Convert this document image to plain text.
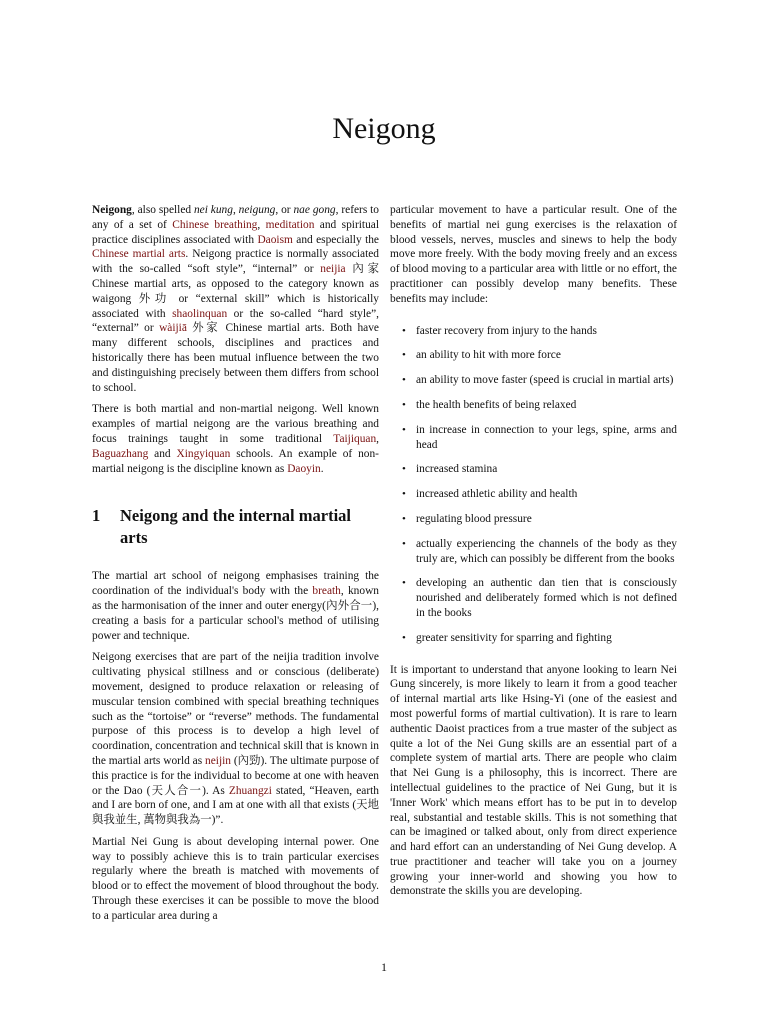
Neigong

Neigong, also spelled nei kung, neigung, or nae gong, refers to any of a set of Chinese breathing, meditation and spiritual practice disciplines associated with Daoism and especially the Chinese martial arts. Neigong practice is normally associated with the so-called “soft style”, “internal” or neijia 內家 Chinese martial arts, as opposed to the category known as waigong 外功 or “external skill” which is historically associated with shaolinquan or the so-called “hard style”, “external” or wàijiā 外家 Chinese martial arts. Both have many different schools, disciplines and practices and historically there has been mutual influence between the two and distinguishing precisely between them differs from school to school.

There is both martial and non-martial neigong. Well known examples of martial neigong are the various breathing and focus trainings taught in some traditional Taijiquan, Baguazhang and Xingyiquan schools. An example of non-martial neigong is the discipline known as Daoyin.

1	Neigong and the internal martial arts

The martial art school of neigong emphasises training the coordination of the individual's body with the breath, known as the harmonisation of the inner and outer energy(內外合一), creating a basis for a particular school's method of utilising power and technique.

Neigong exercises that are part of the neijia tradition involve cultivating physical stillness and or conscious (deliberate) movement, designed to produce relaxation or releasing of muscular tension combined with special breathing techniques such as the “tortoise” or “reverse” methods. The fundamental purpose of this process is to develop a high level of coordination, concentration and technical skill that is known in the martial arts world as neijin (內勁). The ultimate purpose of this practice is for the individual to become at one with heaven or the Dao (天人合一). As Zhuangzi stated, “Heaven, earth and I are born of one, and I am at one with all that exists (天地與我並生, 萬物與我為一)”.

Martial Nei Gung is about developing internal power. One way to possibly achieve this is to train particular exercises regularly where the breath is matched with movements of blood or to effect the movement of blood throughout the body. Through these exercises it can be possible to move the blood to a particular area during a

particular movement to have a particular result. One of the benefits of martial nei gung exercises is the relaxation of blood vessels, nerves, muscles and sinews to help the body move more freely. With the body moving freely and an excess of blood moving to a particular area with little or no effort, the practitioner can possibly develop many benefits. These benefits may include:

• faster recovery from injury to the hands
• an ability to hit with more force
• an ability to move faster (speed is crucial in martial arts)
• the health benefits of being relaxed
• in increase in connection to your legs, spine, arms and head
• increased stamina
• increased athletic ability and health
• regulating blood pressure
• actually experiencing the channels of the body as they truly are, which can possibly be different from the books
• developing an authentic dan tien that is consciously nourished and deliberately formed which is not defined in the books
• greater sensitivity for sparring and fighting

It is important to understand that anyone looking to learn Nei Gung sincerely, is more likely to learn it from a good teacher of internal martial arts like Hsing-Yi (one of the easiest and most powerful forms of martial cultivation). It is rare to learn authentic Daoist practices from a true master of the subject as quite a lot of the Nei Gung skills are an essential part of a complete system of martial arts. There are people who claim that Nei Gung is a philosophy, this is incorrect. There are intellectual guidelines to the practice of Nei Gung, but it is 'Inner Work' which means effort has to be put in to develop real, substantial and testable skills. This is not something that can be imagined or talked about, only from direct experience and hard effort can an understanding of Nei Gung develop. A true practitioner and teacher will take you on a journey growing your inner-world and showing you how to demonstrate the skills you are developing.

1
